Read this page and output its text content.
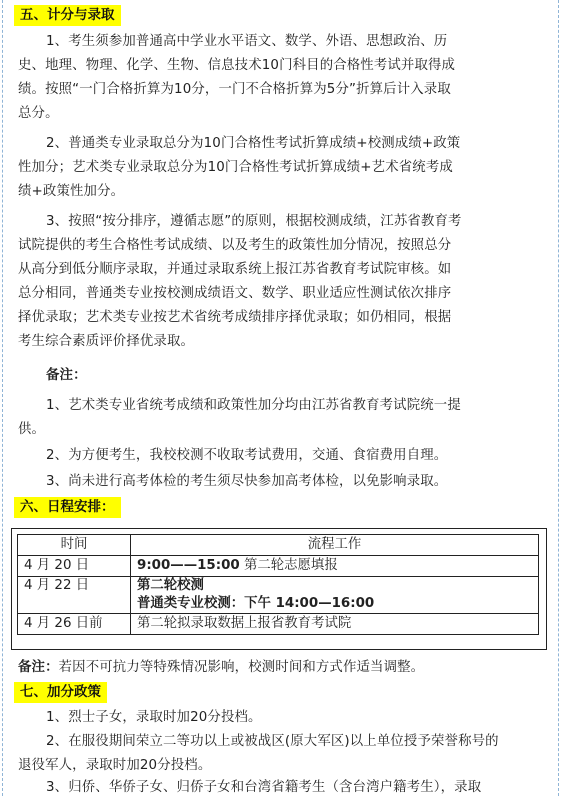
五、计分与录取
1、考生须参加普通高中学业水平语文、数学、外语、思想政治、历
史、地理、物理、化学、生物、信息技术10门科目的合格性考试并取得成
绩。按照“一门合格折算为10分，一门不合格折算为5分”折算后计入录取
总分。
2、普通类专业录取总分为10门合格性考试折算成绩+校测成绩+政策
性加分；艺术类专业录取总分为10门合格性考试折算成绩+艺术省统考成
绩+政策性加分。
3、按照“按分排序，遵循志愿”的原则，根据校测成绩，江苏省教育考
试院提供的考生合格性考试成绩、以及考生的政策性加分情况，按照总分
从高分到低分顺序录取，并通过录取系统上报江苏省教育考试院审核。如
总分相同，普通类专业按校测成绩语文、数学、职业适应性测试依次排序
择优录取；艺术类专业按艺术省统考成绩排序择优录取；如仍相同，根据
考生综合素质评价择优录取。
备注：
1、艺术类专业省统考成绩和政策性加分均由江苏省教育考试院统一提
供。
2、为方便考生，我校校测不收取考试费用，交通、食宿费用自理。
3、尚未进行高考体检的考生须尽快参加高考体检，以免影响录取。
六、日程安排：
时间	流程工作
4 月 20 日	9:00——15:00 第二轮志愿填报
4 月 22 日	第二轮校测
普通类专业校测：下午 14:00—16:00

4 月 26 日前	第二轮拟录取数据上报省教育考试院
备注：若因不可抗力等特殊情况影响，校测时间和方式作适当调整。
七、加分政策
1、烈士子女，录取时加20分投档。
2、在服役期间荣立二等功以上或被战区(原大军区)以上单位授予荣誉称号的
退役军人，录取时加20分投档。
3、归侨、华侨子女、归侨子女和台湾省籍考生（含台湾户籍考生），录取
